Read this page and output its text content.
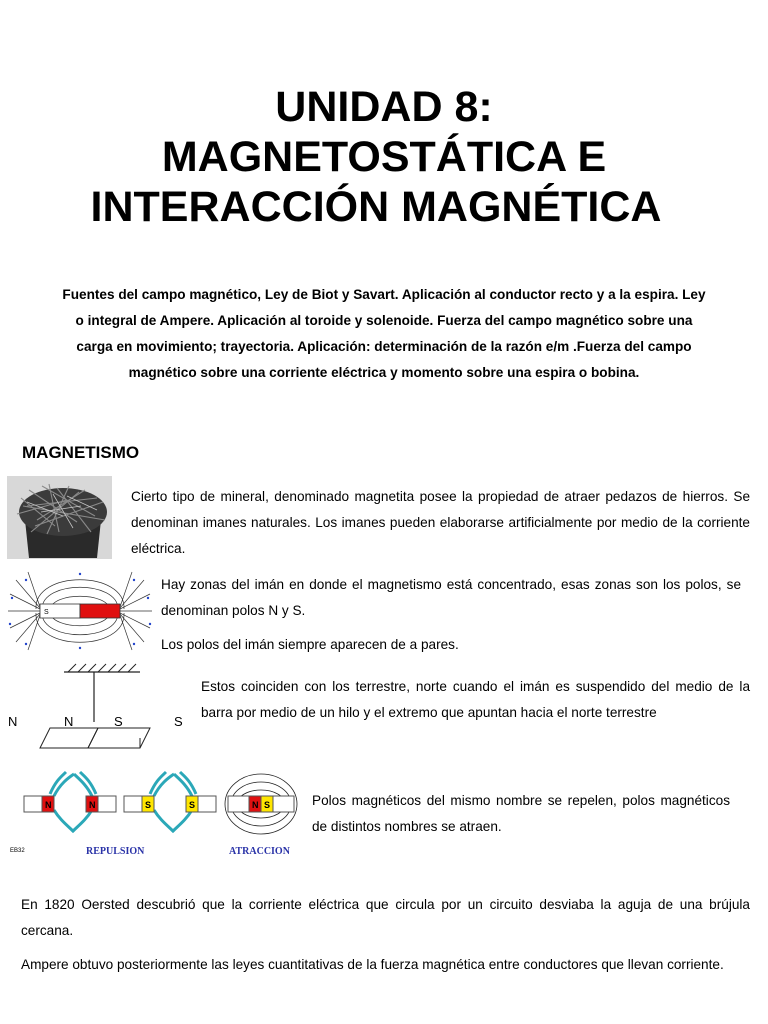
UNIDAD 8:
MAGNETOSTÁTICA E
INTERACCIÓN MAGNÉTICA
Fuentes del campo magnético, Ley de Biot y Savart. Aplicación al conductor recto y a la espira. Ley
o integral de Ampere. Aplicación al toroide y solenoide. Fuerza del campo magnético sobre una
carga en movimiento; trayectoria. Aplicación: determinación de la razón e/m .Fuerza del campo
magnético sobre una corriente eléctrica y momento sobre una espira o bobina.
MAGNETISMO
Cierto tipo de mineral, denominado magnetita posee la propiedad de atraer pedazos de hierros. Se denominan imanes naturales. Los imanes pueden elaborarse artificialmente por medio de la corriente eléctrica.
S
Hay zonas del imán en donde el magnetismo está concentrado, esas zonas son los polos, se denominan polos N y S.
Los polos del imán siempre aparecen de a pares.
N	N	S	S
Estos coinciden con los terrestre, norte cuando el imán es suspendido del medio de la barra por medio de un hilo y el extremo que apuntan hacia el norte terrestre
N	N	S	S	N S
EB32	REPULSION	ATRACCION
Polos magnéticos del mismo nombre se repelen, polos magnéticos de distintos nombres se atraen.
En 1820 Oersted descubrió que la corriente eléctrica que circula por un circuito desviaba la aguja de una brújula cercana.
Ampere obtuvo posteriormente las leyes cuantitativas de la fuerza magnética entre conductores que llevan corriente.
